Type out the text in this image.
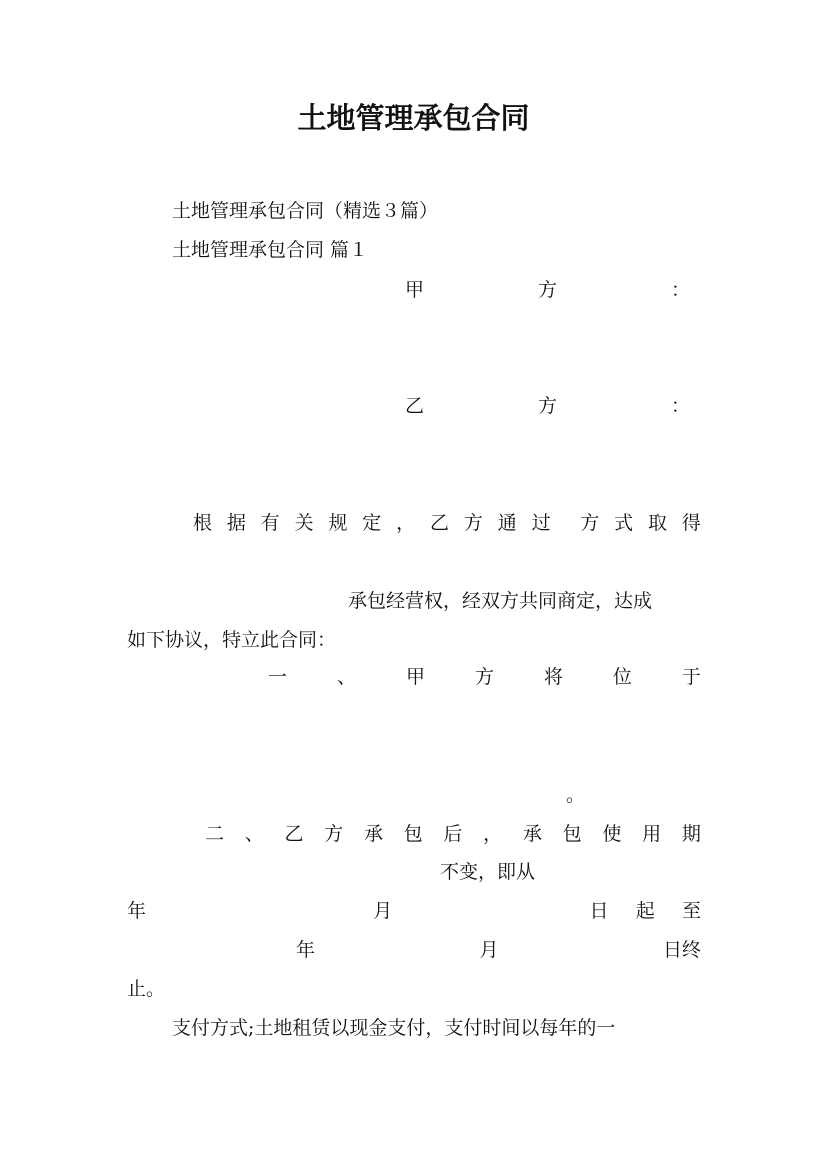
土地管理承包合同
土地管理承包合同（精选３篇）
土地管理承包合同 篇１
甲	方	：
乙	方	：
根 据 有 关 规 定 ， 乙 方 通 过 方 式 取 得
承包经营权，经双方共同商定，达成
如下协议，特立此合同：
一	、	甲	方	将	位	于
。
二 、 乙 方 承 包 后 ， 承 包 使 用 期
不变，即从
年	月	日 起 至
年	月	日终
止。
支付方式;土地租赁以现金支付，支付时间以每年的一
